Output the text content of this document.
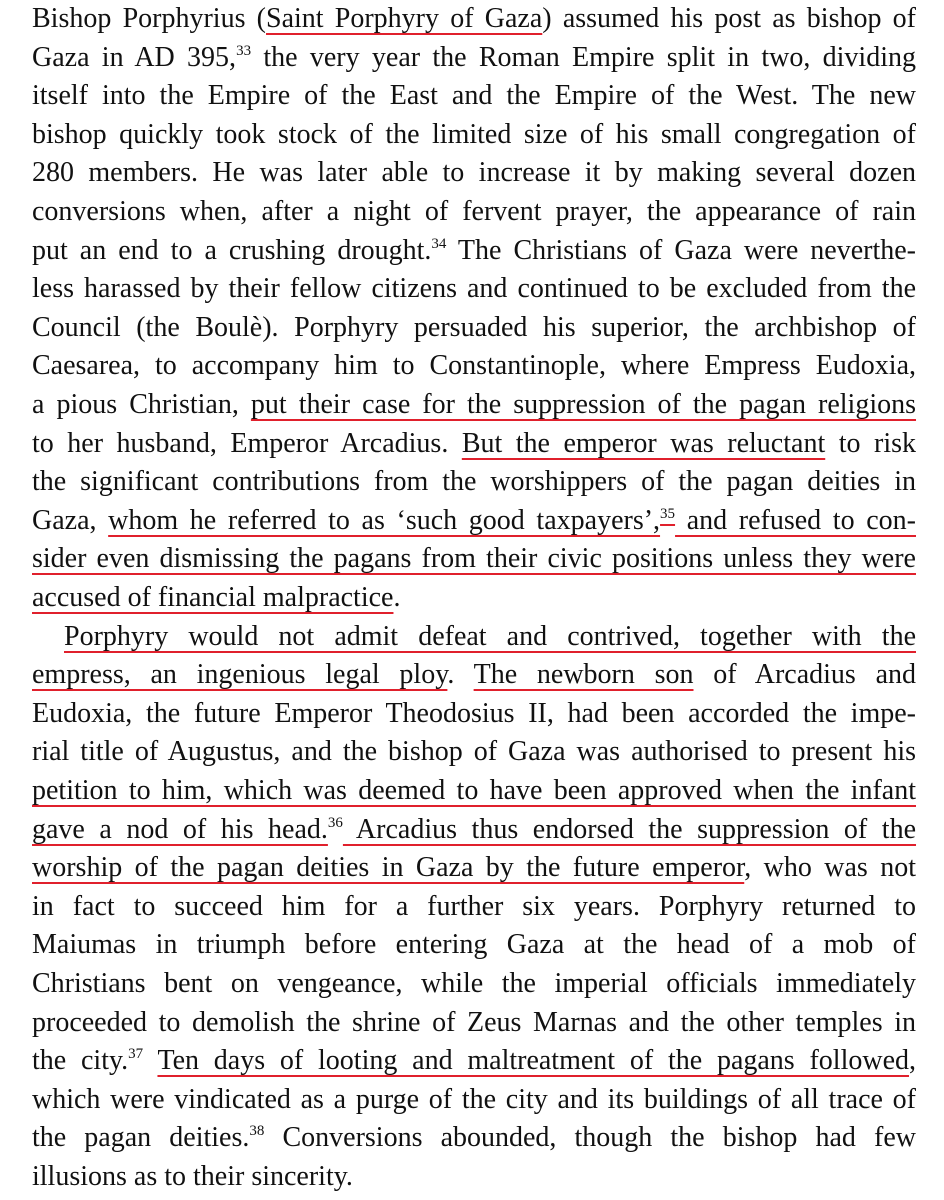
Bishop Porphyrius (Saint Porphyry of Gaza) assumed his post as bishop of
Gaza in AD 395,33 the very year the Roman Empire split in two, dividing
itself into the Empire of the East and the Empire of the West. The new
bishop quickly took stock of the limited size of his small congregation of
280 members. He was later able to increase it by making several dozen
conversions when, after a night of fervent prayer, the appearance of rain
put an end to a crushing drought.$^{34}$ The Christians of Gaza were neverthe-
less harassed by their fellow citizens and continued to be excluded from the
Council (the Boulè). Porphyry persuaded his superior, the archbishop of
Caesarea, to accompany him to Constantinople, where Empress Eudoxia,
a pious Christian, put their case for the suppression of the pagan religions
to her husband, Emperor Arcadius. But the emperor was reluctant to risk
the significant contributions from the worshippers of the pagan deities in
Gaza, whom he referred to as ‘such good taxpayers’,$^{35}$ and refused to con-
sider even dismissing the pagans from their civic positions unless they were
accused of financial malpractice.
Porphyry would not admit defeat and contrived, together with the
empress, an ingenious legal ploy. The newborn son of Arcadius and
Eudoxia, the future Emperor Theodosius II, had been accorded the impe-
rial title of Augustus, and the bishop of Gaza was authorised to present his
petition to him, which was deemed to have been approved when the infant
gave a nod of his head.$^{36}$ Arcadius thus endorsed the suppression of the
worship of the pagan deities in Gaza by the future emperor, who was not
in fact to succeed him for a further six years. Porphyry returned to
Maiumas in triumph before entering Gaza at the head of a mob of
Christians bent on vengeance, while the imperial officials immediately
proceeded to demolish the shrine of Zeus Marnas and the other temples in
the city.$^{37}$ Ten days of looting and maltreatment of the pagans followed,
which were vindicated as a purge of the city and its buildings of all trace of
the pagan deities.$^{38}$ Conversions abounded, though the bishop had few
illusions as to their sincerity.
